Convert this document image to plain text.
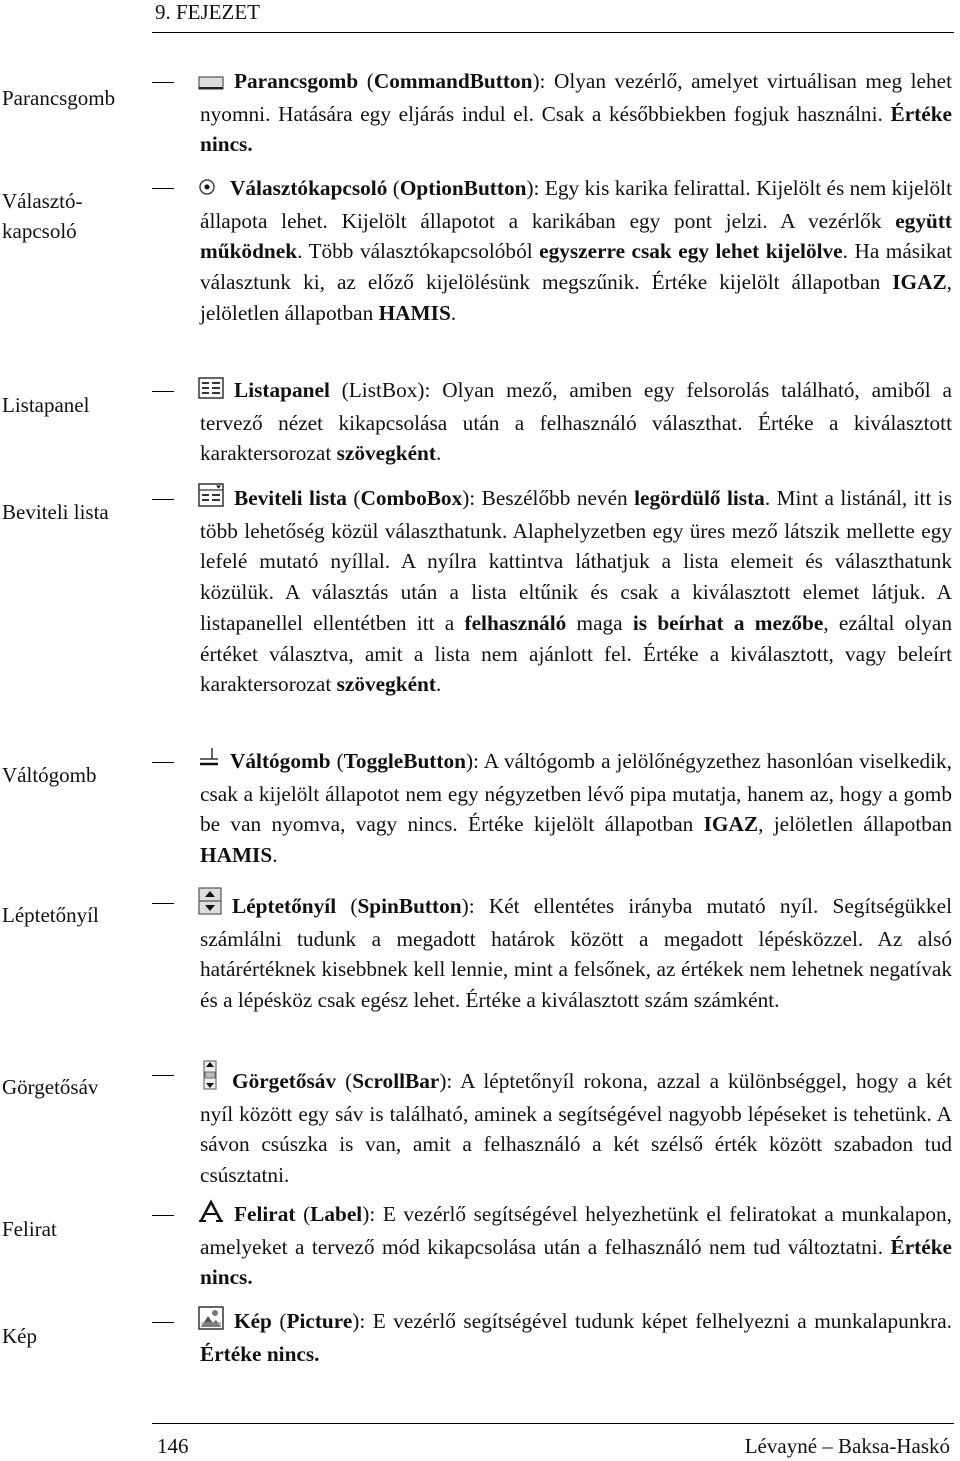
9. FEJEZET
Parancsgomb
Választó-
kapcsoló
Listapanel
Beviteli lista
Váltógomb
Léptetőnyíl
Görgetősáv
Felirat
Kép
Parancsgomb (CommandButton): Olyan vezérlő, amelyet virtuálisan meg lehet nyomni. Hatására egy eljárás indul el. Csak a későbbiekben fogjuk használni. Értéke nincs.
Választókapcsoló (OptionButton): Egy kis karika felirattal. Kijelölt és nem kijelölt állapota lehet. Kijelölt állapotot a karikában egy pont jelzi. A vezérlők együtt működnek. Több választókapcsolóból egyszerre csak egy lehet kijelölve. Ha másikat választunk ki, az előző kijelölésünk megszűnik. Értéke kijelölt állapotban IGAZ, jelöletlen állapotban HAMIS.
Listapanel (ListBox): Olyan mező, amiben egy felsorolás található, amiből a tervező nézet kikapcsolása után a felhasználó választhat. Értéke a kiválasztott karaktersorozat szövegként.
Beviteli lista (ComboBox): Beszélőbb nevén legördülő lista. Mint a listánál, itt is több lehetőség közül választhatunk. Alaphelyzetben egy üres mező látszik mellette egy lefelé mutató nyíllal. A nyílra kattintva láthatjuk a lista elemeit és választhatunk közülük. A választás után a lista eltűnik és csak a kiválasztott elemet látjuk. A listapanellel ellentétben itt a felhasználó maga is beírhat a mezőbe, ezáltal olyan értéket választva, amit a lista nem ajánlott fel. Értéke a kiválasztott, vagy beleírt karaktersorozat szövegként.
Váltógomb (ToggleButton): A váltógomb a jelölőnégyzethez hasonlóan viselkedik, csak a kijelölt állapotot nem egy négyzetben lévő pipa mutatja, hanem az, hogy a gomb be van nyomva, vagy nincs. Értéke kijelölt állapotban IGAZ, jelöletlen állapotban HAMIS.
Léptetőnyíl (SpinButton): Két ellentétes irányba mutató nyíl. Segítségükkel számlálni tudunk a megadott határok között a megadott lépésközzel. Az alsó határértéknek kisebbnek kell lennie, mint a felsőnek, az értékek nem lehetnek negatívak és a lépésköz csak egész lehet. Értéke a kiválasztott szám számként.
Görgetősáv (ScrollBar): A léptetőnyíl rokona, azzal a különbséggel, hogy a két nyíl között egy sáv is található, aminek a segítségével nagyobb lépéseket is tehetünk. A sávon csúszka is van, amit a felhasználó a két szélső érték között szabadon tud csúsztatni.
Felirat (Label): E vezérlő segítségével helyezhetünk el feliratokat a munkalapon, amelyeket a tervező mód kikapcsolása után a felhasználó nem tud változtatni. Értéke nincs.
Kép (Picture): E vezérlő segítségével tudunk képet felhelyezni a munkalapunkra. Értéke nincs.
146	Lévayné – Baksa-Haskó
